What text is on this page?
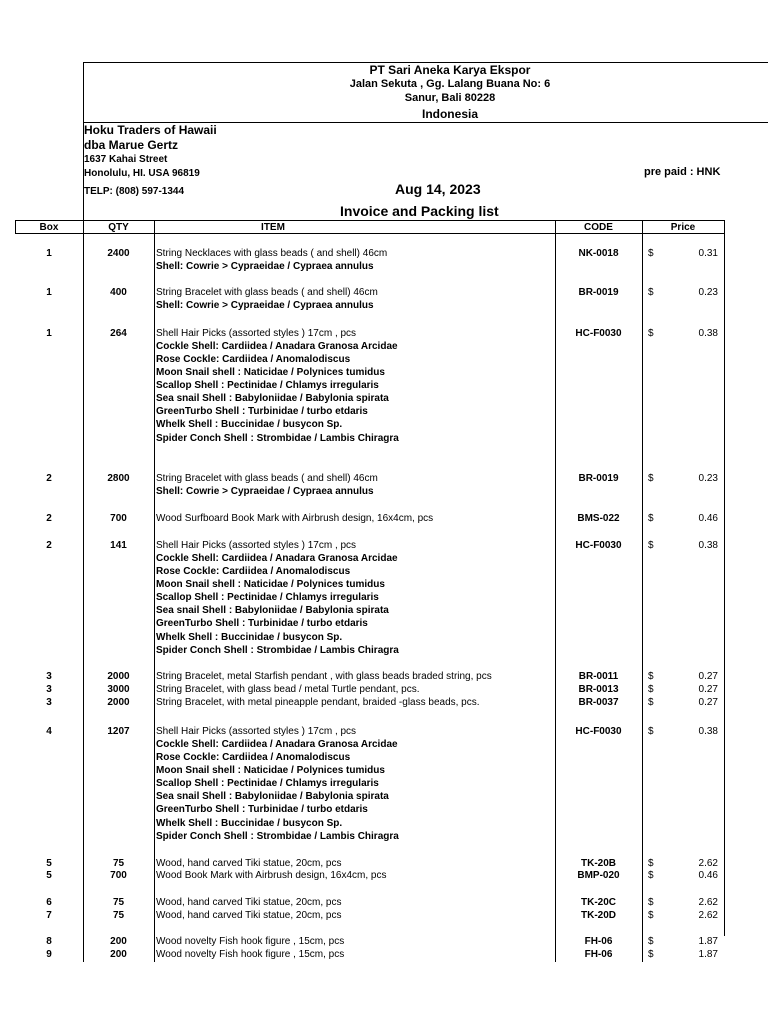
PT Sari Aneka Karya Ekspor
Jalan Sekuta , Gg. Lalang Buana No: 6
Sanur, Bali 80228
Indonesia
Hoku Traders of Hawaii
dba Marue Gertz
1637 Kahai Street
Honolulu, HI. USA 96819
TELP: (808) 597-1344
pre paid : HNK
Aug 14, 2023
Invoice and Packing list
Box	QTY	ITEM	CODE	Price
1	2400	String Necklaces with glass beads ( and shell) 46cm	NK-0018	$	0.31
Shell: Cowrie > Cypraeidae / Cypraea annulus
1	400	String Bracelet with glass beads ( and shell) 46cm	BR-0019	$	0.23
Shell: Cowrie > Cypraeidae / Cypraea annulus
1	264	Shell Hair Picks (assorted styles ) 17cm , pcs	HC-F0030	$	0.38
Cockle Shell: Cardiidea / Anadara Granosa Arcidae
Rose Cockle: Cardiidea / Anomalodiscus
Moon Snail shell : Naticidae / Polynices tumidus
Scallop Shell : Pectinidae / Chlamys irregularis
Sea snail Shell : Babyloniidae / Babylonia spirata
GreenTurbo Shell : Turbinidae / turbo etdaris
Whelk Shell : Buccinidae / busycon Sp.
Spider Conch Shell : Strombidae / Lambis Chiragra
2	2800	String Bracelet with glass beads ( and shell) 46cm	BR-0019	$	0.23
Shell: Cowrie > Cypraeidae / Cypraea annulus
2	700	Wood Surfboard Book Mark with Airbrush design, 16x4cm, pcs	BMS-022	$	0.46
2	141	Shell Hair Picks (assorted styles ) 17cm , pcs	HC-F0030	$	0.38
Cockle Shell: Cardiidea / Anadara Granosa Arcidae
Rose Cockle: Cardiidea / Anomalodiscus
Moon Snail shell : Naticidae / Polynices tumidus
Scallop Shell : Pectinidae / Chlamys irregularis
Sea snail Shell : Babyloniidae / Babylonia spirata
GreenTurbo Shell : Turbinidae / turbo etdaris
Whelk Shell : Buccinidae / busycon Sp.
Spider Conch Shell : Strombidae / Lambis Chiragra
3	2000	String Bracelet, metal Starfish pendant , with glass beads braded string, pcs	BR-0011	$	0.27
3	3000	String Bracelet, with glass bead / metal Turtle pendant, pcs.	BR-0013	$	0.27
3	2000	String Bracelet, with metal pineapple pendant, braided -glass beads, pcs.	BR-0037	$	0.27
4	1207	Shell Hair Picks (assorted styles ) 17cm , pcs	HC-F0030	$	0.38
Cockle Shell: Cardiidea / Anadara Granosa Arcidae
Rose Cockle: Cardiidea / Anomalodiscus
Moon Snail shell : Naticidae / Polynices tumidus
Scallop Shell : Pectinidae / Chlamys irregularis
Sea snail Shell : Babyloniidae / Babylonia spirata
GreenTurbo Shell : Turbinidae / turbo etdaris
Whelk Shell : Buccinidae / busycon Sp.
Spider Conch Shell : Strombidae / Lambis Chiragra
5	75	Wood, hand carved Tiki statue, 20cm, pcs	TK-20B	$	2.62
5	700	Wood Book Mark with Airbrush design, 16x4cm, pcs	BMP-020	$	0.46
6	75	Wood, hand carved Tiki statue, 20cm, pcs	TK-20C	$	2.62
7	75	Wood, hand carved Tiki statue, 20cm, pcs	TK-20D	$	2.62
8	200	Wood novelty Fish hook figure , 15cm, pcs	FH-06	$	1.87
9	200	Wood novelty Fish hook figure , 15cm, pcs	FH-06	$	1.87
